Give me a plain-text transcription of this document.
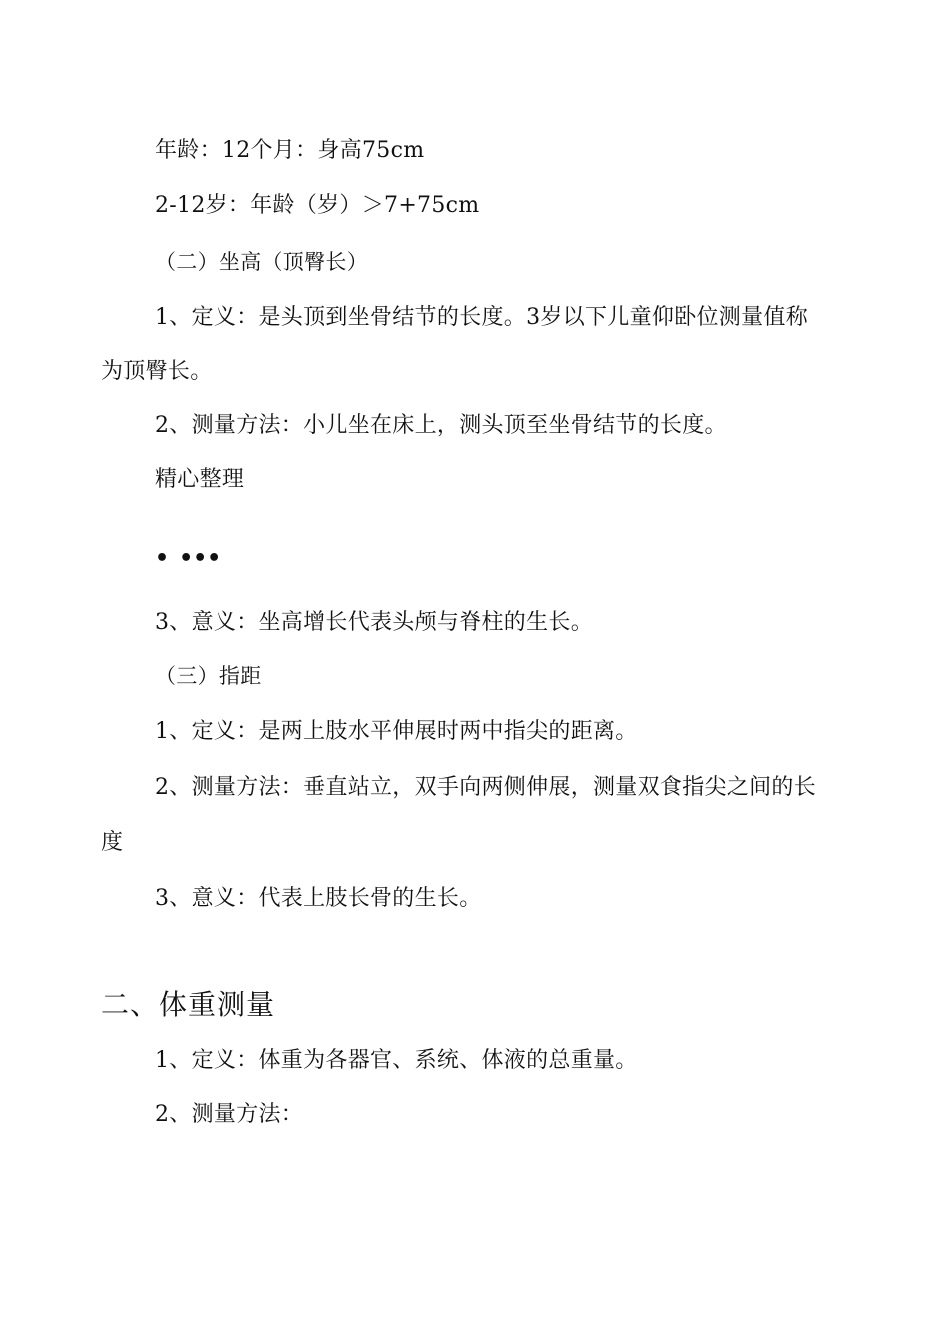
年龄：12个月：身高75cm
2-12岁：年龄（岁）＞7+75cm
（二）坐高（顶臀长）
1、定义：是头顶到坐骨结节的长度。3岁以下儿童仰卧位测量值称
为顶臀长。
2、测量方法：小儿坐在床上，测头顶至坐骨结节的长度。
精心整理
• •••
3、意义：坐高增长代表头颅与脊柱的生长。
（三）指距
1、定义：是两上肢水平伸展时两中指尖的距离。
2、测量方法：垂直站立，双手向两侧伸展，测量双食指尖之间的长
度
3、意义：代表上肢长骨的生长。
二、体重测量
1、定义：体重为各器官、系统、体液的总重量。
2、测量方法：
